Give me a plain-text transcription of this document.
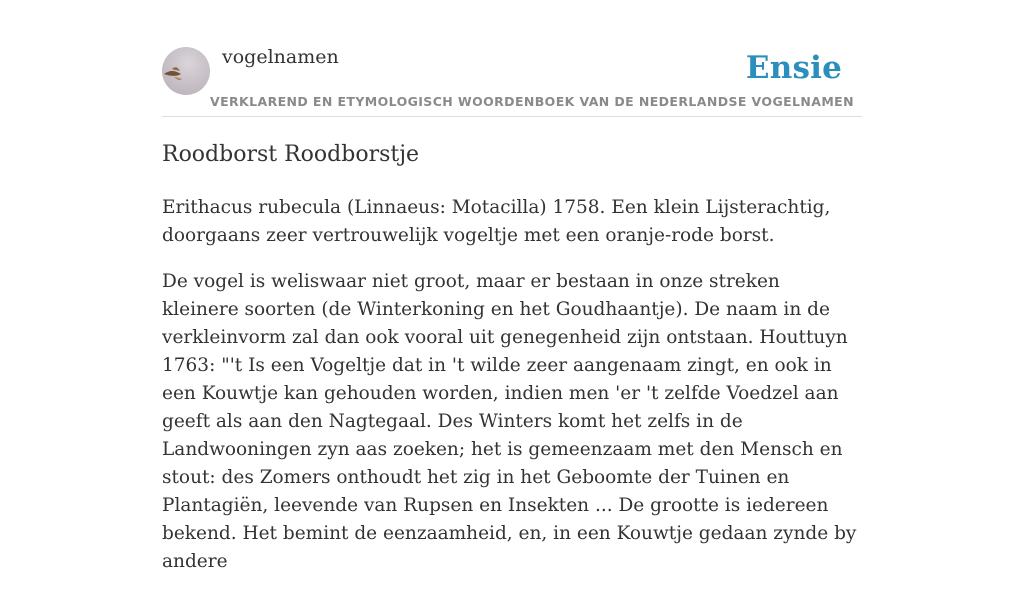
vogelnamen	Ensie
VERKLAREND EN ETYMOLOGISCH WOORDENBOEK VAN DE NEDERLANDSE VOGELNAMEN
Roodborst Roodborstje

Erithacus rubecula (Linnaeus: Motacilla) 1758. Een klein Lijsterachtig, doorgaans zeer vertrouwelijk vogeltje met een oranje-rode borst.

De vogel is weliswaar niet groot, maar er bestaan in onze streken kleinere soorten (de Winterkoning en het Goudhaantje). De naam in de verkleinvorm zal dan ook vooral uit genegenheid zijn ontstaan. Houttuyn 1763: "'t Is een Vogeltje dat in 't wilde zeer aangenaam zingt, en ook in een Kouwtje kan gehouden worden, indien men 'er 't zelfde Voedzel aan geeft als aan den Nagtegaal. Des Winters komt het zelfs in de Landwooningen zyn aas zoeken; het is gemeenzaam met den Mensch en stout: des Zomers onthoudt het zig in het Geboomte der Tuinen en Plantagiën, leevende van Rupsen en Insekten ... De grootte is iedereen bekend. Het bemint de eenzaamheid, en, in een Kouwtje gedaan zynde by andere
